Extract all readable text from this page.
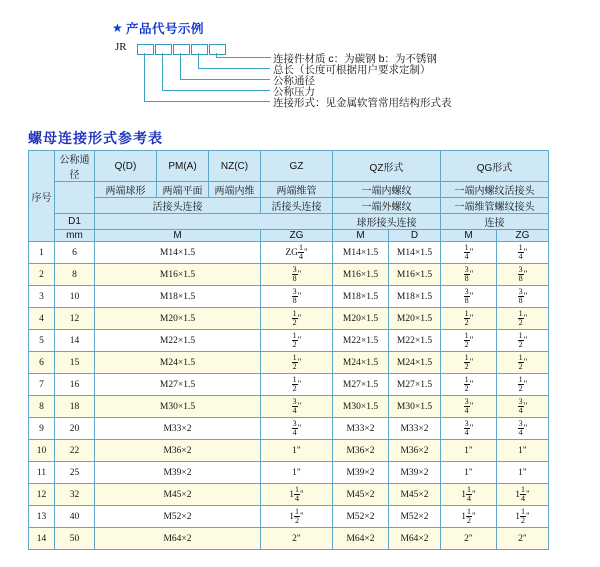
★ 产品代号示例
JR
连接件材质 c：为碳钢 b：为不锈钢
总长（长度可根据用户要求定制）
公称通径
公称压力
连接形式：见金属软管常用结构形式表
螺母连接形式参考表
序号	公称通径	Q(D)	PM(A)	NZ(C)	GZ	QZ形式		QG形式	
		两端球形	两端平面	两端内维	两端维管	一端内螺纹		一端内螺纹活接头	
		活接头连接			活接头连接	一端外螺纹		一端维管螺纹接头	
	D1					球形接头连接		连接	
	mm	M			ZG	M	D	M	ZG
1	6	M14×1.5			ZG $\frac{1}{4}$ "	M14×1.5	M14×1.5	$\frac{1}{4}$ "	$\frac{1}{4}$ "
2	8	M16×1.5			$\frac{3}{8}$ "	M16×1.5	M16×1.5	$\frac{3}{8}$ "	$\frac{3}{8}$ "
3	10	M18×1.5			$\frac{3}{8}$ "	M18×1.5	M18×1.5	$\frac{3}{8}$ "	$\frac{3}{8}$ "
4	12	M20×1.5			$\frac{1}{2}$ "	M20×1.5	M20×1.5	$\frac{1}{2}$ "	$\frac{1}{2}$ "
5	14	M22×1.5			$\frac{1}{2}$ "	M22×1.5	M22×1.5	$\frac{1}{2}$ "	$\frac{1}{2}$ "
6	15	M24×1.5			$\frac{1}{2}$ "	M24×1.5	M24×1.5	$\frac{1}{2}$ "	$\frac{1}{2}$ "
7	16	M27×1.5			$\frac{1}{2}$ "	M27×1.5	M27×1.5	$\frac{1}{2}$ "	$\frac{1}{2}$ "
8	18	M30×1.5			$\frac{3}{4}$ "	M30×1.5	M30×1.5	$\frac{3}{4}$ "	$\frac{3}{4}$ "
9	20	M33×2			$\frac{3}{4}$ "	M33×2	M33×2	$\frac{3}{4}$ "	$\frac{3}{4}$ "
10	22	M36×2			1"	M36×2	M36×2	1"	1"
11	25	M39×2			1"	M39×2	M39×2	1"	1"
12	32	M45×2			$1 \frac{1}{4}$ "	M45×2	M45×2	$1 \frac{1}{4}$ "	$1 \frac{1}{4}$ "
13	40	M52×2			$1 \frac{1}{2}$ "	M52×2	M52×2	$1 \frac{1}{2}$ "	$1 \frac{1}{2}$ "
14	50	M64×2			2"	M64×2	M64×2	2"	2"
